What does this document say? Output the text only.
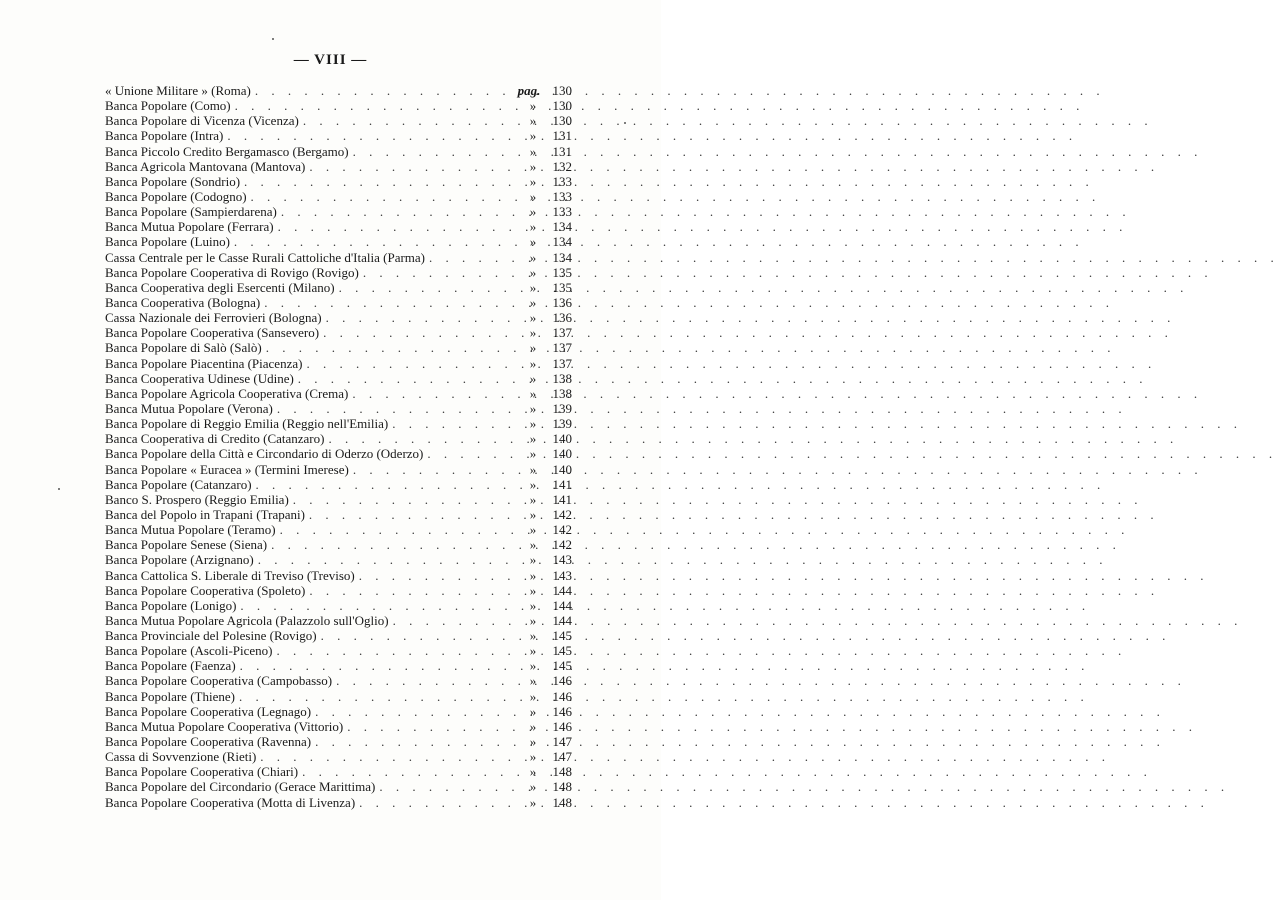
— VIII —
« Unione Militare » (Roma) . . .	pag. 130
Banca Popolare (Como) . . .	»	130
Banca Popolare di Vicenza (Vicenza) . . .	»	130
Banca Popolare (Intra) . . .	»	131
Banca Piccolo Credito Bergamasco (Bergamo) . . .	»	131
Banca Agricola Mantovana (Mantova) . . .	»	132
Banca Popolare (Sondrio) . . .	»	133
Banca Popolare (Codogno) . . .	»	133
Banca Popolare (Sampierdarena) . . .	»	133
Banca Mutua Popolare (Ferrara) . . .	»	134
Banca Popolare (Luino) . . .	»	134
Cassa Centrale per le Casse Rurali Cattoliche d'Italia (Parma) . . .	»	134
Banca Popolare Cooperativa di Rovigo (Rovigo) . . .	»	135
Banca Cooperativa degli Esercenti (Milano) . . .	»	135
Banca Cooperativa (Bologna) . . .	»	136
Cassa Nazionale dei Ferrovieri (Bologna) . . .	»	136
Banca Popolare Cooperativa (Sansevero) . . .	»	137
Banca Popolare di Salò (Salò) . . .	»	137
Banca Popolare Piacentina (Piacenza) . . .	»	137
Banca Cooperativa Udinese (Udine) . . .	»	138
Banca Popolare Agricola Cooperativa (Crema) . . .	»	138
Banca Mutua Popolare (Verona) . . .	»	139
Banca Popolare di Reggio Emilia (Reggio nell'Emilia) . . .	»	139
Banca Cooperativa di Credito (Catanzaro) . . .	»	140
Banca Popolare della Città e Circondario di Oderzo (Oderzo) . . .	»	140
Banca Popolare « Euracea » (Termini Imerese) . . .	»	140
Banca Popolare (Catanzaro) . . .	»	141
Banco S. Prospero (Reggio Emilia) . . .	»	141
Banca del Popolo in Trapani (Trapani) . . .	»	142
Banca Mutua Popolare (Teramo) . . .	»	142
Banca Popolare Senese (Siena) . . .	»	142
Banca Popolare (Arzignano) . . .	»	143
Banca Cattolica S. Liberale di Treviso (Treviso) . . .	»	143
Banca Popolare Cooperativa (Spoleto) . . .	»	144
Banca Popolare (Lonigo) . . .	»	144
Banca Mutua Popolare Agricola (Palazzolo sull'Oglio) . . .	»	144
Banca Provinciale del Polesine (Rovigo) . . .	»	145
Banca Popolare (Ascoli-Piceno) . . .	»	145
Banca Popolare (Faenza) . . .	»	145
Banca Popolare Cooperativa (Campobasso) . . .	»	146
Banca Popolare (Thiene) . . .	»	146
Banca Popolare Cooperativa (Legnago) . . .	»	146
Banca Mutua Popolare Cooperativa (Vittorio) . . .	»	146
Banca Popolare Cooperativa (Ravenna) . . .	»	147
Cassa di Sovvenzione (Rieti) . . .	»	147
Banca Popolare Cooperativa (Chiari) . . .	»	148
Banca Popolare del Circondario (Gerace Marittima) . . .	»	148
Banca Popolare Cooperativa (Motta di Livenza) . . .	»	148
